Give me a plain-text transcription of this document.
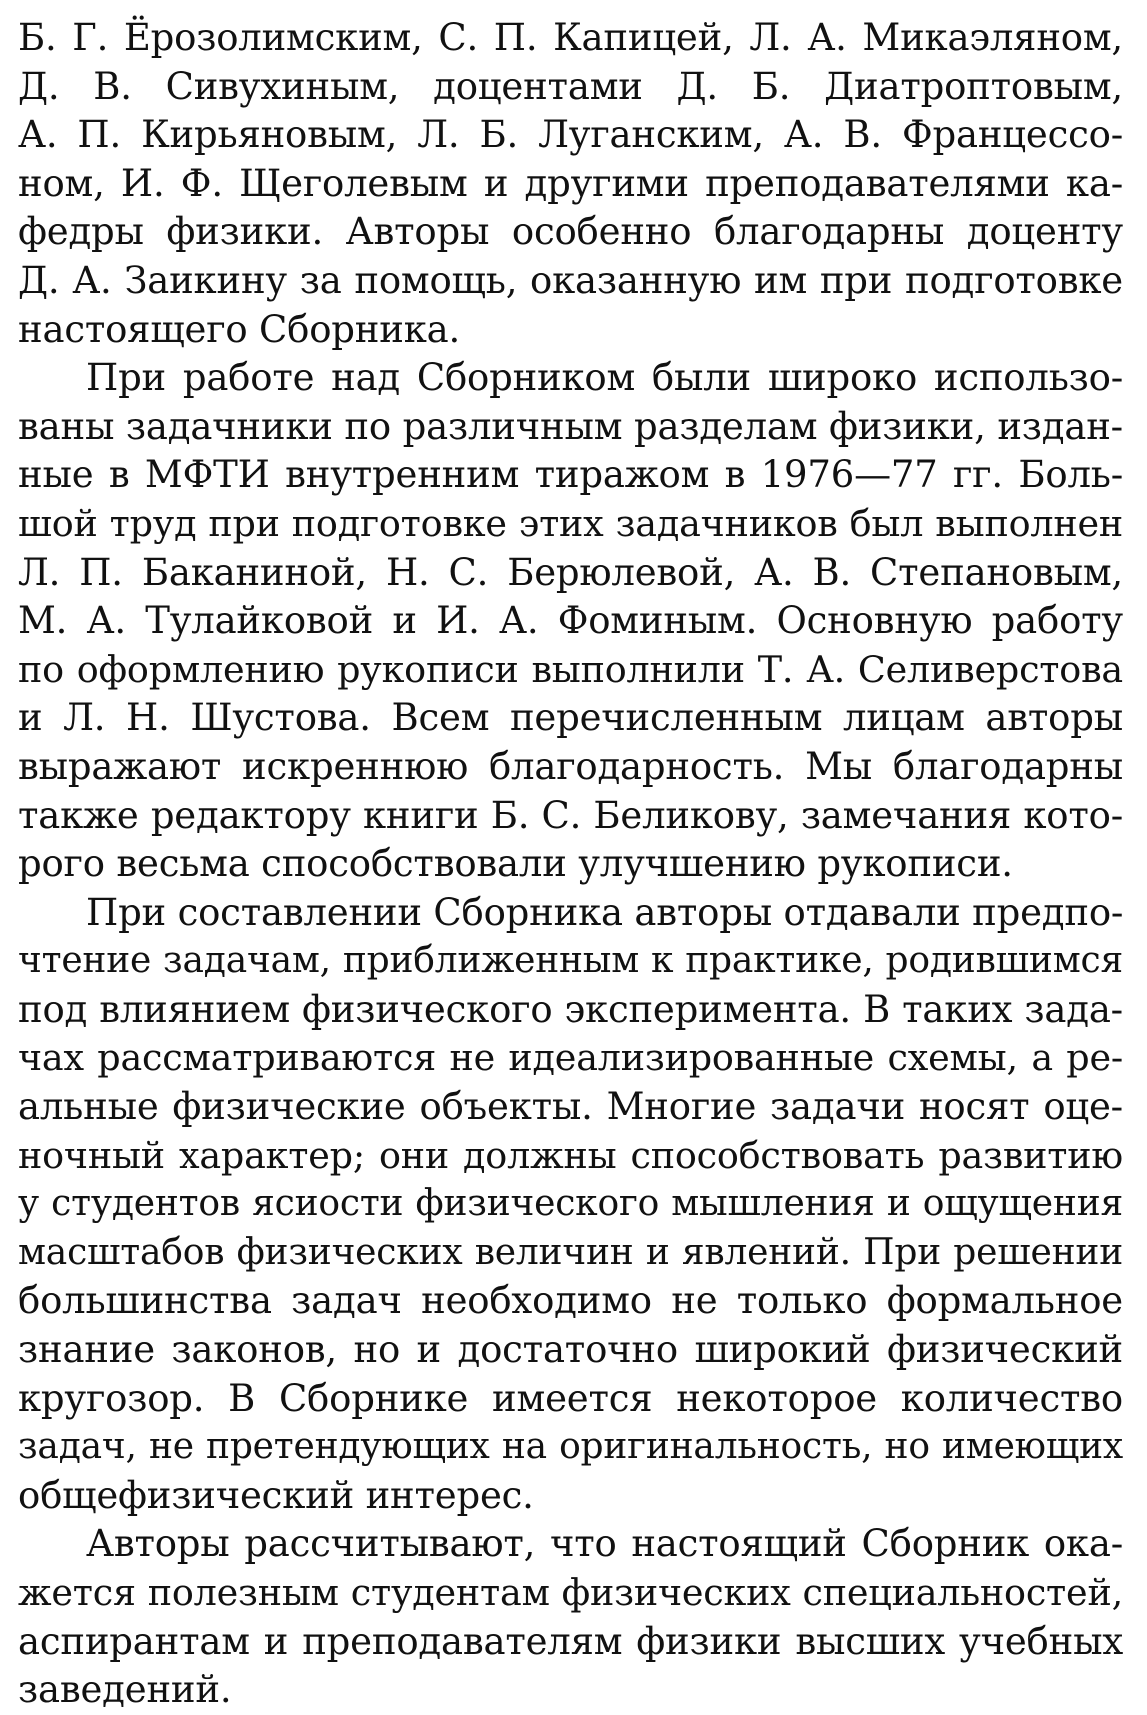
Б. Г. Ёрозолимским, С. П. Капицей, Л. А. Микаэляном,
Д. В. Сивухиным, доцентами Д. Б. Диатроптовым,
А. П. Кирьяновым, Л. Б. Луганским, А. В. Францессо-
ном, И. Ф. Щеголевым и другими преподавателями ка-
федры физики. Авторы особенно благодарны доценту
Д. А. Заикину за помощь, оказанную им при подготовке
настоящего Сборника.
При работе над Сборником были широко использо-
ваны задачники по различным разделам физики, издан-
ные в МФТИ внутренним тиражом в 1976—77 гг. Боль-
шой труд при подготовке этих задачников был выполнен
Л. П. Баканиной, Н. С. Берюлевой, А. В. Степановым,
М. А. Тулайковой и И. А. Фоминым. Основную работу
по оформлению рукописи выполнили Т. А. Селиверстова
и Л. Н. Шустова. Всем перечисленным лицам авторы
выражают искреннюю благодарность. Мы благодарны
также редактору книги Б. С. Беликову, замечания кото-
рого весьма способствовали улучшению рукописи.
При составлении Сборника авторы отдавали предпо-
чтение задачам, приближенным к практике, родившимся
под влиянием физического эксперимента. В таких зада-
чах рассматриваются не идеализированные схемы, а ре-
альные физические объекты. Многие задачи носят оце-
ночный характер; они должны способствовать развитию
у студентов ясиости физического мышления и ощущения
масштабов физических величин и явлений. При решении
большинства задач необходимо не только формальное
знание законов, но и достаточно широкий физический
кругозор. В Сборнике имеется некоторое количество
задач, не претендующих на оригинальность, но имеющих
общефизический интерес.
Авторы рассчитывают, что настоящий Сборник ока-
жется полезным студентам физических специальностей,
аспирантам и преподавателям физики высших учебных
заведений.
